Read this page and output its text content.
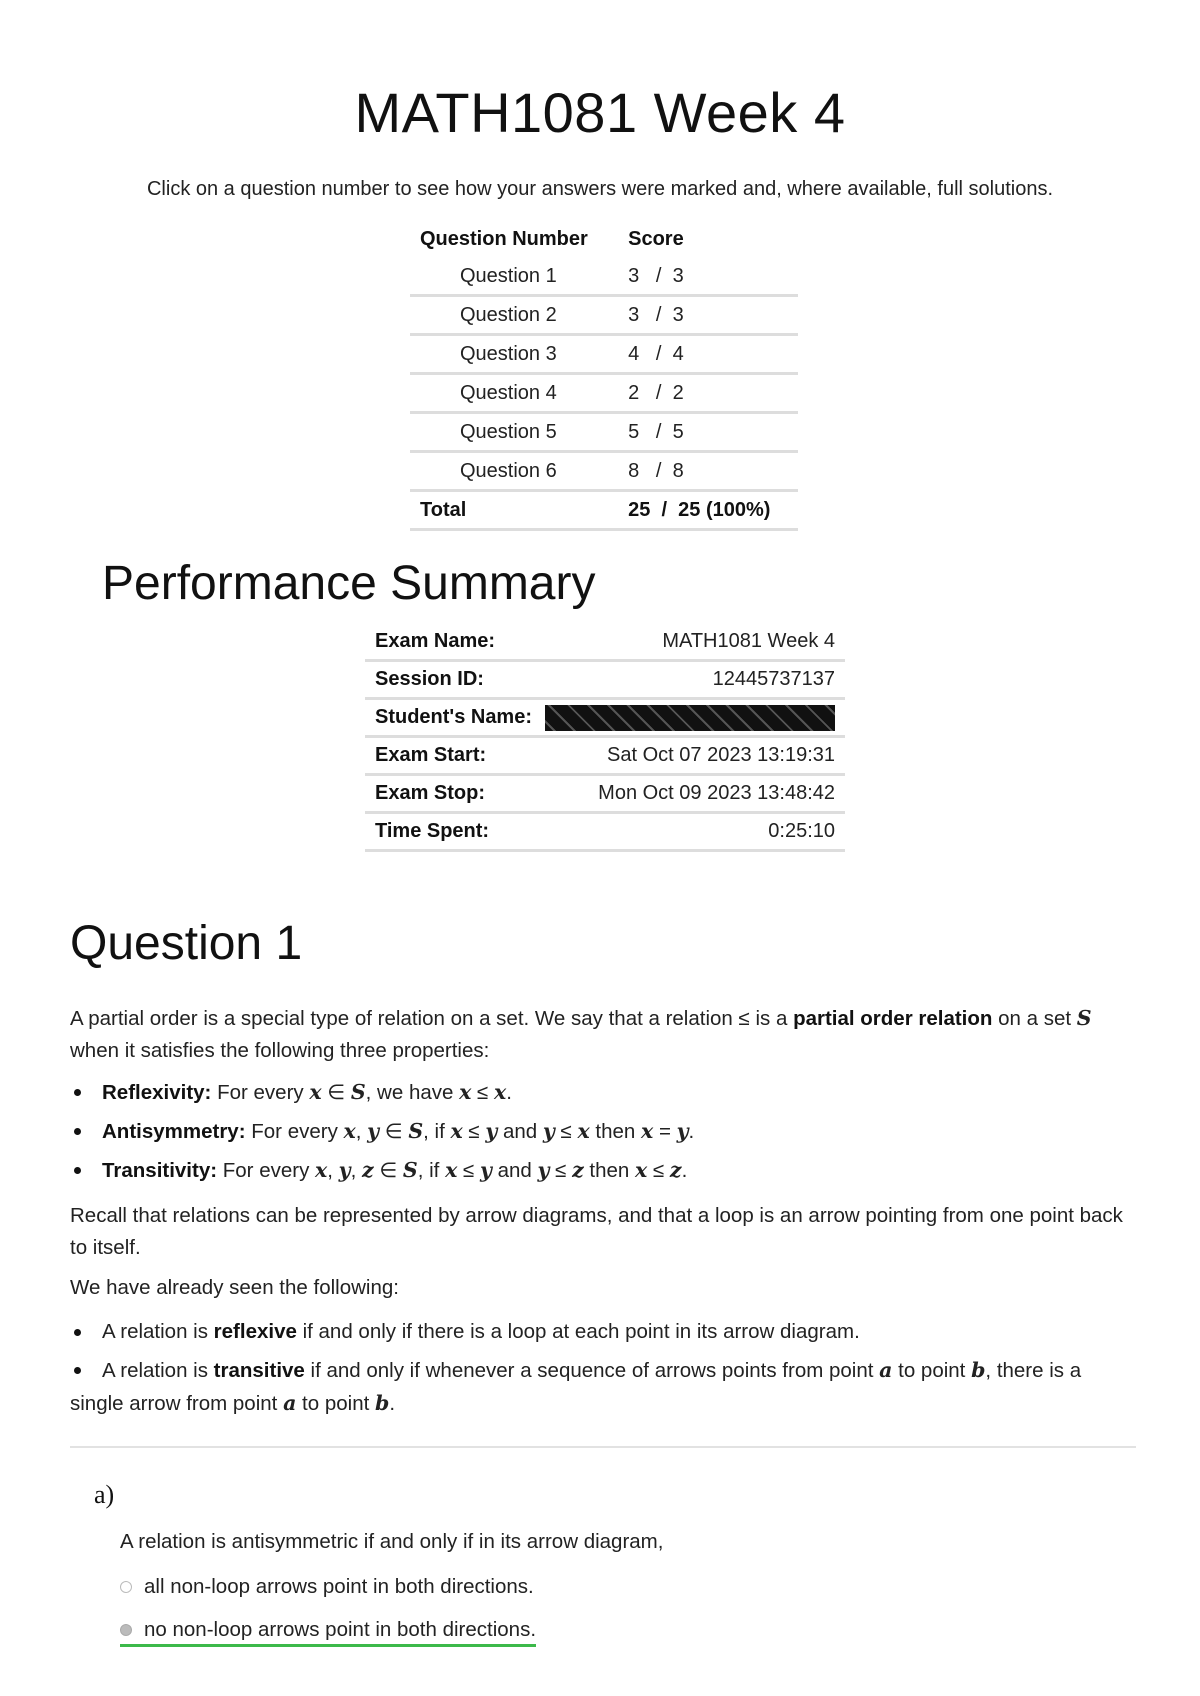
MATH1081 Week 4
Click on a question number to see how your answers were marked and, where available, full solutions.
Question Number	Score
Question 1	3   /  3
Question 2	3   /  3
Question 3	4   /  4
Question 4	2   /  2
Question 5	5   /  5
Question 6	8   /  8
Total	25  /  25 (100%)
Performance Summary
Exam Name:	MATH1081 Week 4
Session ID:	12445737137
Student's Name:	
Exam Start:	Sat Oct 07 2023 13:19:31
Exam Stop:	Mon Oct 09 2023 13:48:42
Time Spent:	0:25:10
Question 1
A partial order is a special type of relation on a set. We say that a relation ≤ is a partial order relation on a set S when it satisfies the following three properties:
Reflexivity: For every x ∈ S, we have x ≤ x.
Antisymmetry: For every x, y ∈ S, if x ≤ y and y ≤ x then x = y.
Transitivity: For every x, y, z ∈ S, if x ≤ y and y ≤ z then x ≤ z.
Recall that relations can be represented by arrow diagrams, and that a loop is an arrow pointing from one point back to itself.
We have already seen the following:
A relation is reflexive if and only if there is a loop at each point in its arrow diagram.
A relation is transitive if and only if whenever a sequence of arrows points from point a to point b, there is a single arrow from point a to point b.
a)
A relation is antisymmetric if and only if in its arrow diagram,
all non-loop arrows point in both directions.
no non-loop arrows point in both directions.
